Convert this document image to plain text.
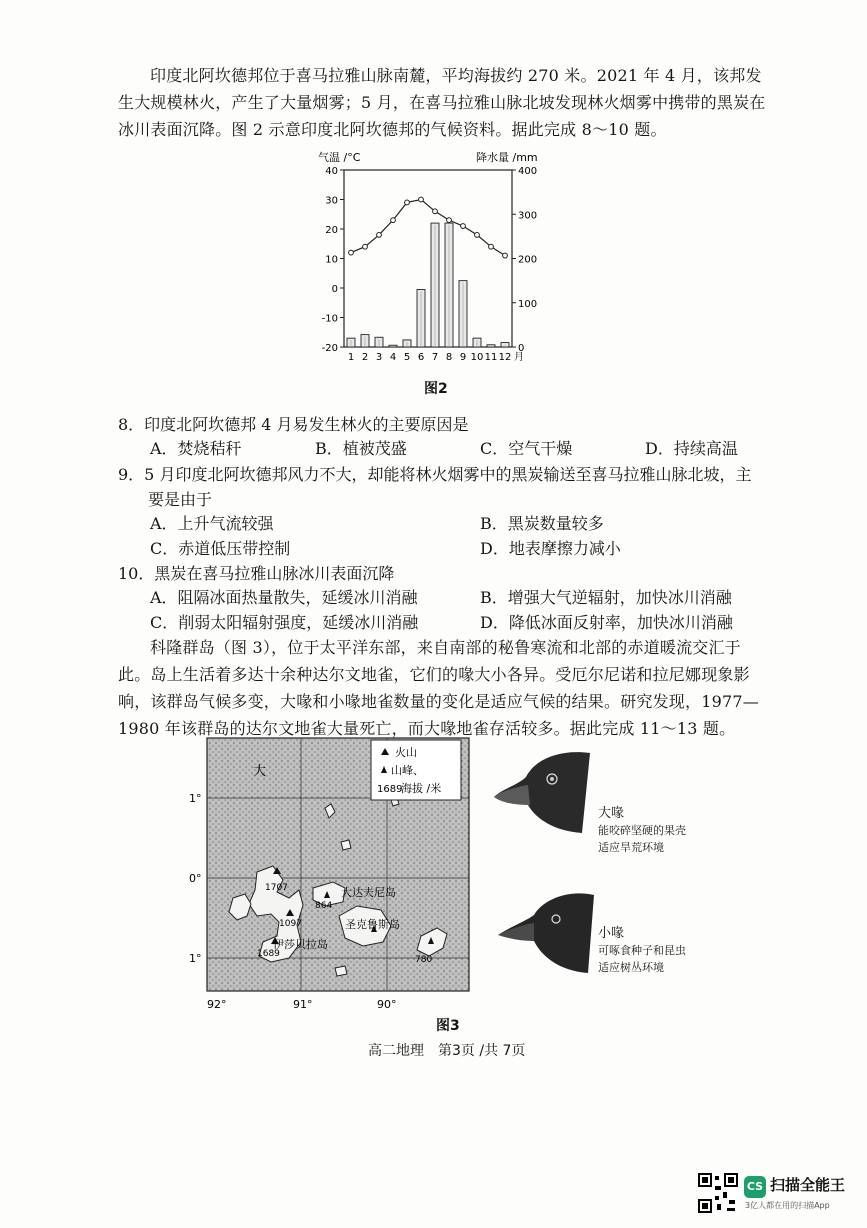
印度北阿坎德邦位于喜马拉雅山脉南麓，平均海拔约 270 米。2021 年 4 月，该邦发生大规模林火，产生了大量烟雾；5 月，在喜马拉雅山脉北坡发现林火烟雾中携带的黑炭在冰川表面沉降。图 2 示意印度北阿坎德邦的气候资料。据此完成 8～10 题。
气温 /°C	降水量 /mm
40
30
20
10
0
-10
-20
400
300
200
100
0
1 2 3 4 5 6 7 8 9 10 11 12 月
图2
8．印度北阿坎德邦 4 月易发生林火的主要原因是
A．焚烧秸秆	B．植被茂盛	C．空气干燥	D．持续高温
9．5 月印度北阿坎德邦风力不大，却能将林火烟雾中的黑炭输送至喜马拉雅山脉北坡，主
要是由于
A．上升气流较强	B．黑炭数量较多
C．赤道低压带控制	D．地表摩擦力减小
10．黑炭在喜马拉雅山脉冰川表面沉降
A．阻隔冰面热量散失，延缓冰川消融	B．增强大气逆辐射，加快冰川消融
C．削弱太阳辐射强度，延缓冰川消融	D．降低冰面反射率，加快冰川消融
科隆群岛（图 3），位于太平洋东部，来自南部的秘鲁寒流和北部的赤道暖流交汇于此。岛上生活着多达十余种达尔文地雀，它们的喙大小各异。受厄尔尼诺和拉尼娜现象影响，该群岛气候多变，大喙和小喙地雀数量的变化是适应气候的结果。研究发现，1977—1980 年该群岛的达尔文地雀大量死亡，而大喙地雀存活较多。据此完成 11～13 题。
火山
山峰、
1689
海拔 /米
大
1°
0°
1°
92°	91°	90°
大达夫尼岛
圣克鲁斯岛
伊莎贝拉岛
1707
864
1097
1689
780
图3
大喙
能咬碎坚硬的果壳
适应旱荒环境
小喙
可啄食种子和昆虫
适应树丛环境
高二地理　第3页 /共 7页
CS 扫描全能王
3亿人都在用的扫描App
